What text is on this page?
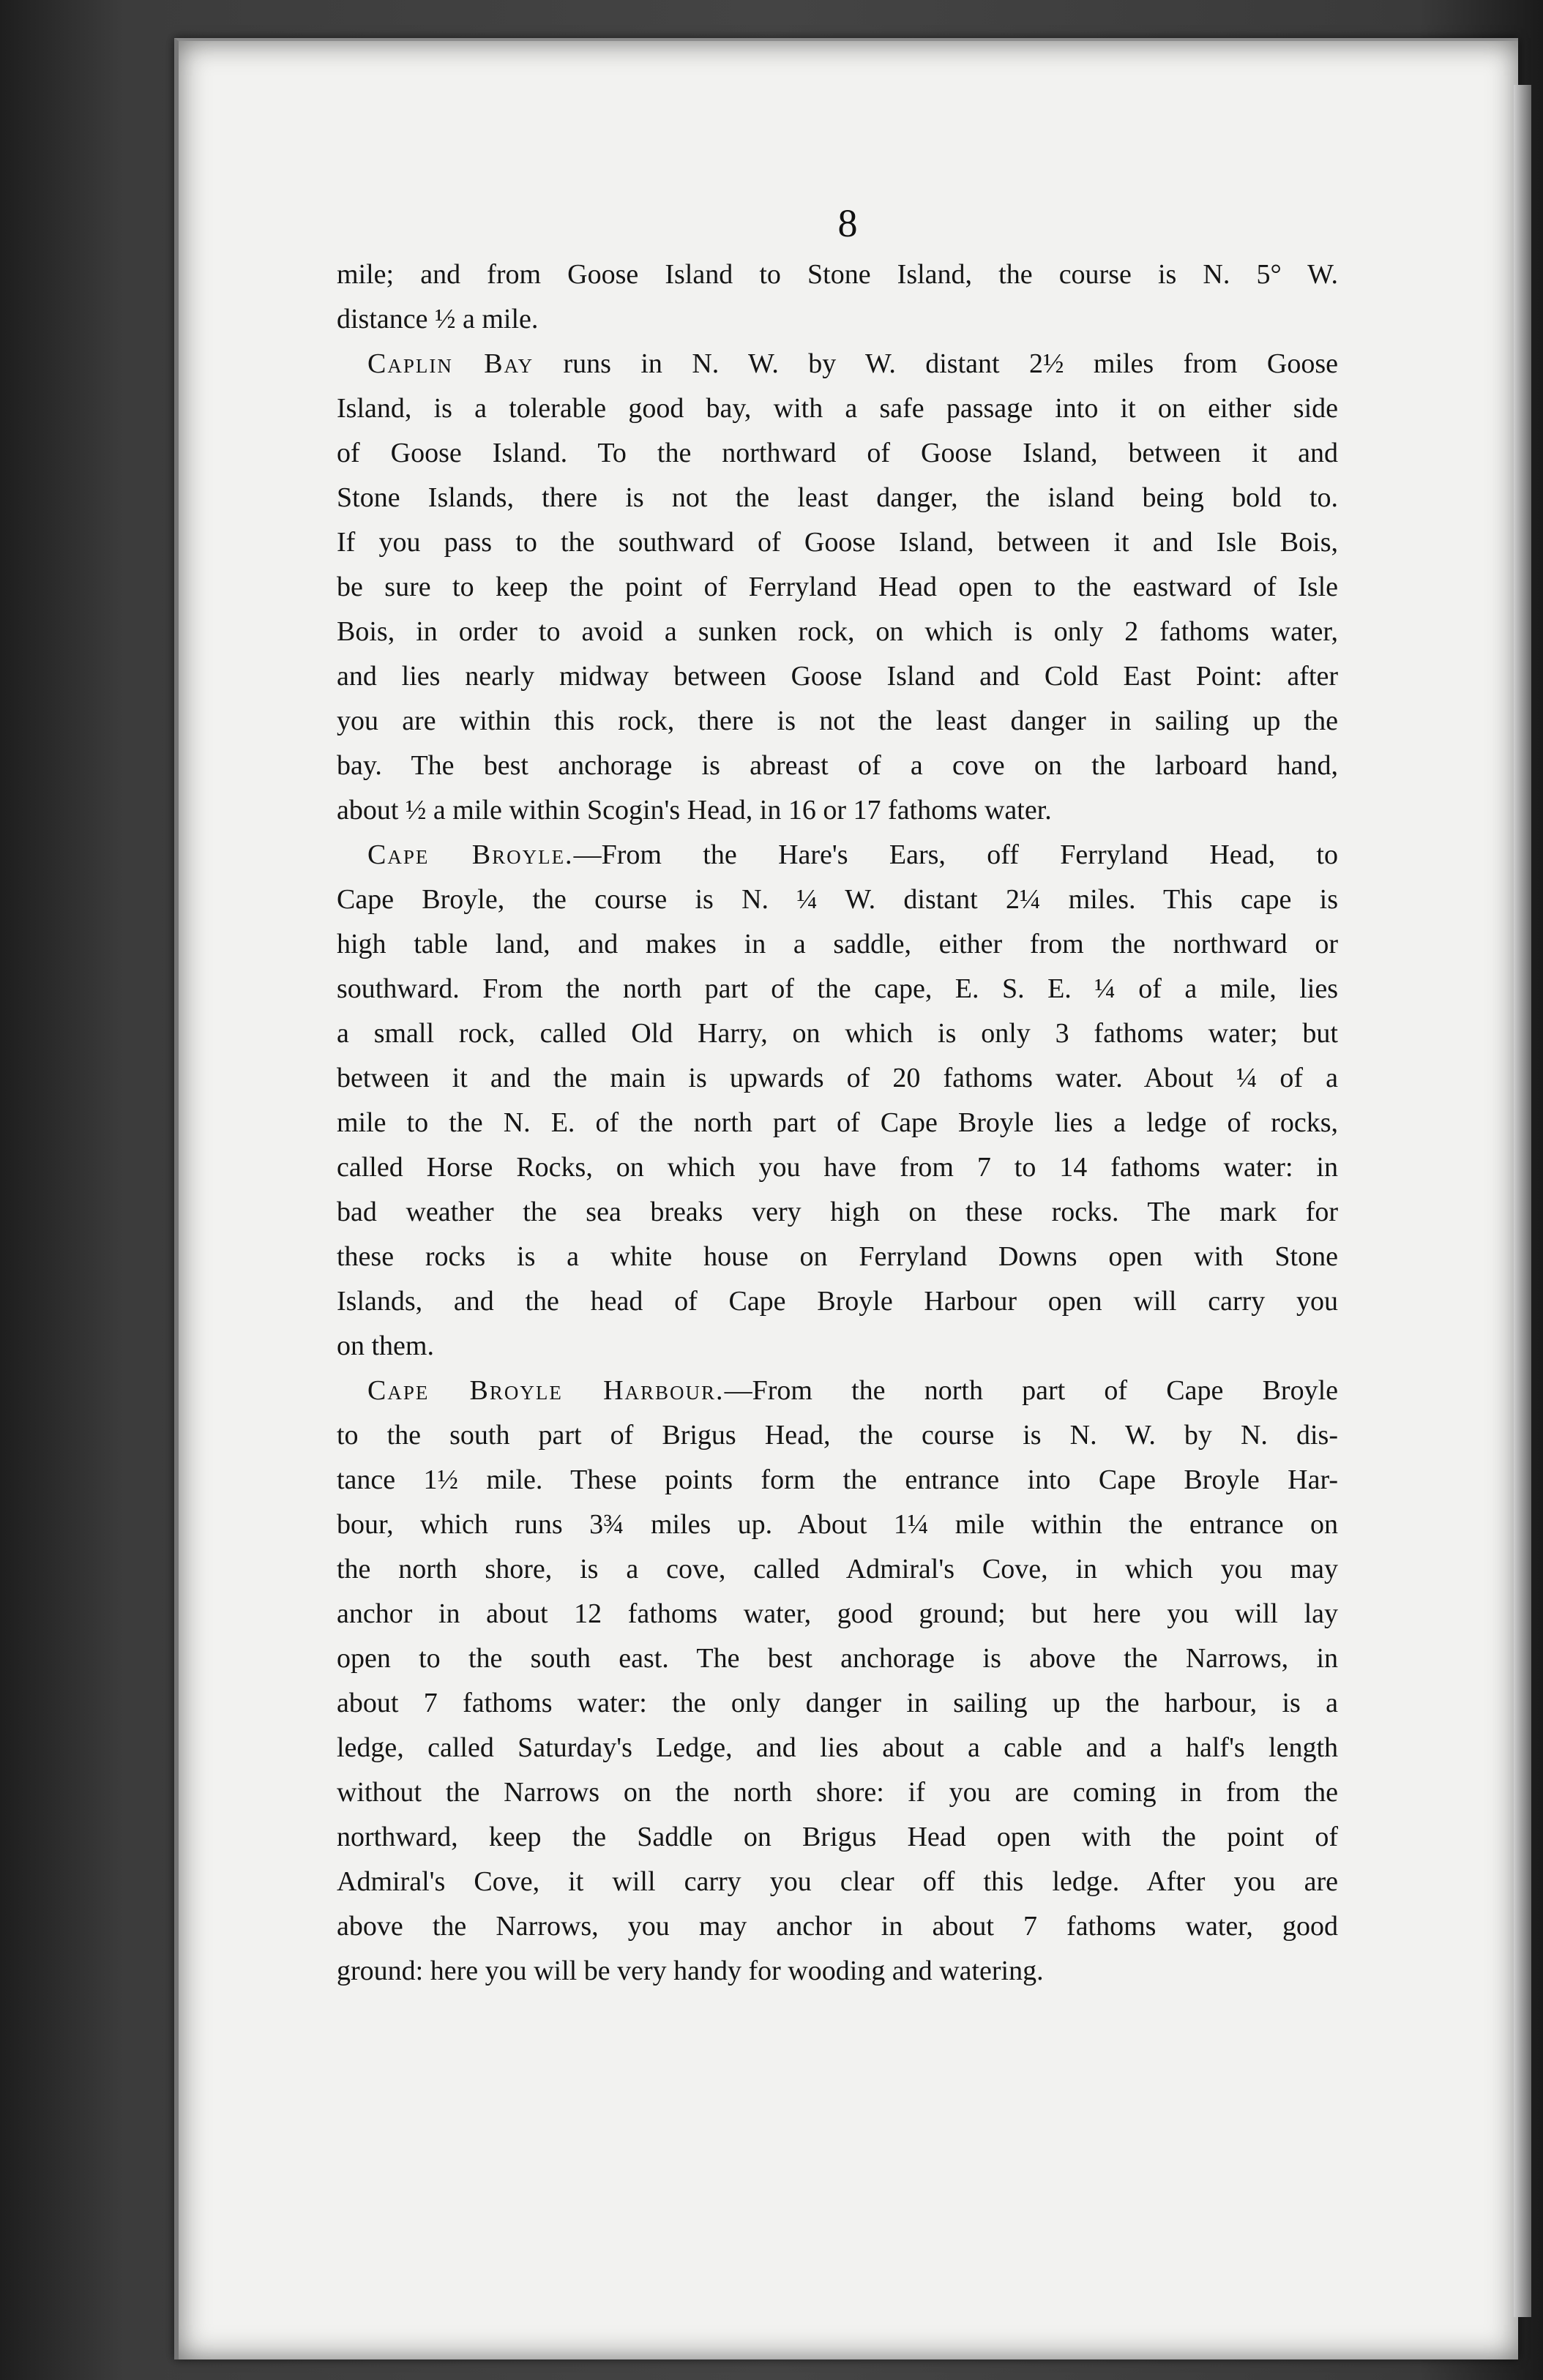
8
mile; and from Goose Island to Stone Island, the course is N. 5° W.
distance ½ a mile.
Caplin Bay runs in N. W. by W. distant 2½ miles from Goose
Island, is a tolerable good bay, with a safe passage into it on either side
of Goose Island. To the northward of Goose Island, between it and
Stone Islands, there is not the least danger, the island being bold to.
If you pass to the southward of Goose Island, between it and Isle Bois,
be sure to keep the point of Ferryland Head open to the eastward of Isle
Bois, in order to avoid a sunken rock, on which is only 2 fathoms water,
and lies nearly midway between Goose Island and Cold East Point: after
you are within this rock, there is not the least danger in sailing up the
bay. The best anchorage is abreast of a cove on the larboard hand,
about ½ a mile within Scogin's Head, in 16 or 17 fathoms water.
Cape Broyle.—From the Hare's Ears, off Ferryland Head, to
Cape Broyle, the course is N. ¼ W. distant 2¼ miles. This cape is
high table land, and makes in a saddle, either from the northward or
southward. From the north part of the cape, E. S. E. ¼ of a mile, lies
a small rock, called Old Harry, on which is only 3 fathoms water; but
between it and the main is upwards of 20 fathoms water. About ¼ of a
mile to the N. E. of the north part of Cape Broyle lies a ledge of rocks,
called Horse Rocks, on which you have from 7 to 14 fathoms water: in
bad weather the sea breaks very high on these rocks. The mark for
these rocks is a white house on Ferryland Downs open with Stone
Islands, and the head of Cape Broyle Harbour open will carry you
on them.
Cape Broyle Harbour.—From the north part of Cape Broyle
to the south part of Brigus Head, the course is N. W. by N. dis-
tance 1½ mile. These points form the entrance into Cape Broyle Har-
bour, which runs 3¾ miles up. About 1¼ mile within the entrance on
the north shore, is a cove, called Admiral's Cove, in which you may
anchor in about 12 fathoms water, good ground; but here you will lay
open to the south east. The best anchorage is above the Narrows, in
about 7 fathoms water: the only danger in sailing up the harbour, is a
ledge, called Saturday's Ledge, and lies about a cable and a half's length
without the Narrows on the north shore: if you are coming in from the
northward, keep the Saddle on Brigus Head open with the point of
Admiral's Cove, it will carry you clear off this ledge. After you are
above the Narrows, you may anchor in about 7 fathoms water, good
ground: here you will be very handy for wooding and watering.
